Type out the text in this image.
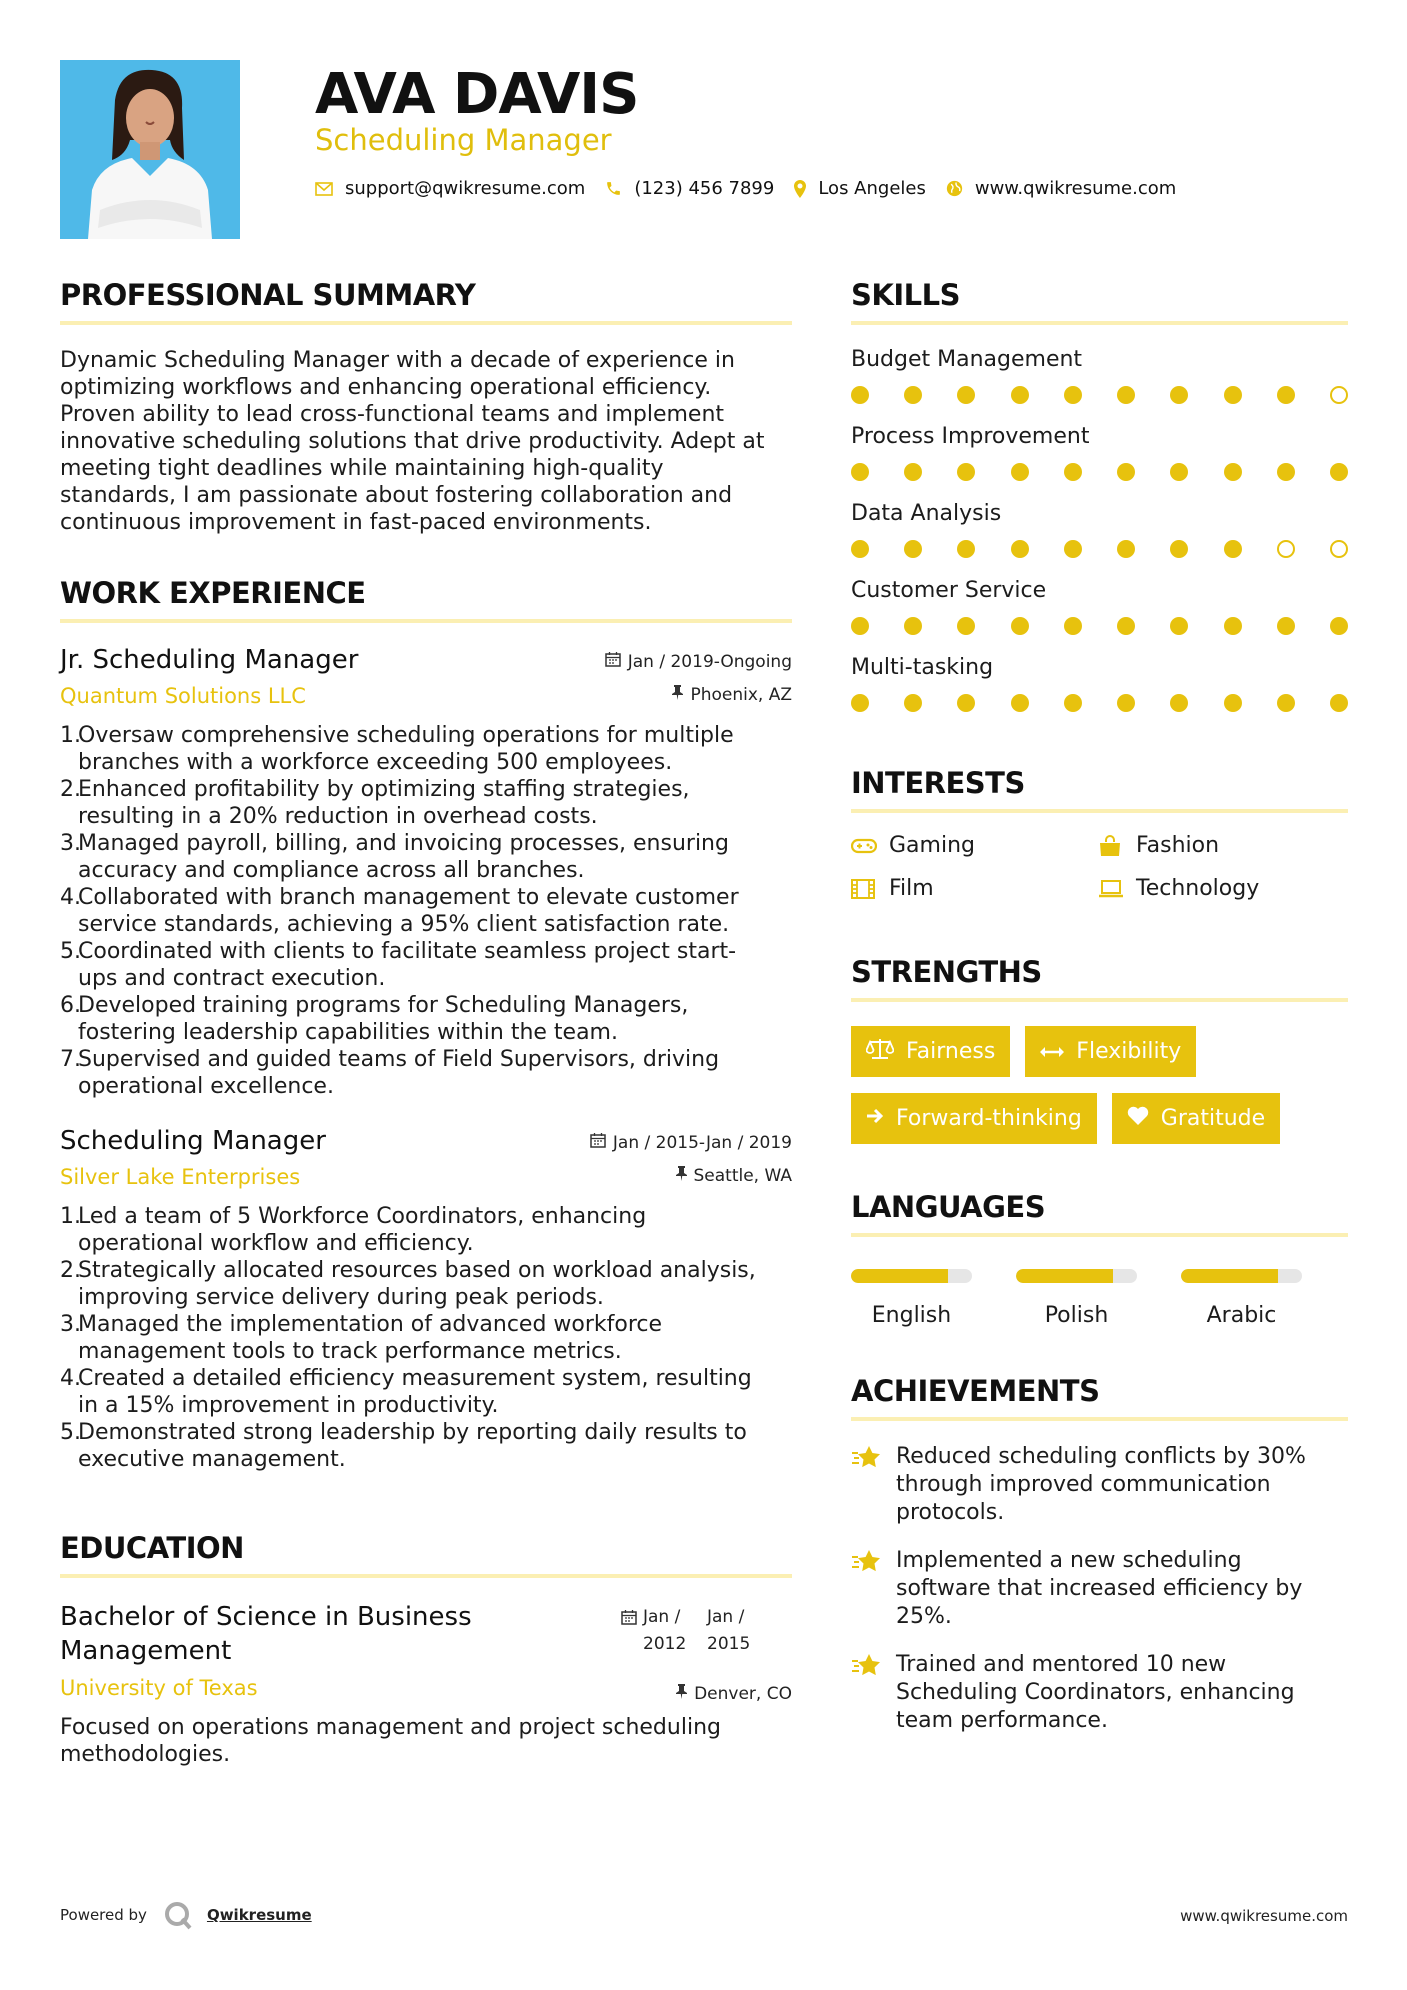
AVA DAVIS
Scheduling Manager
support@qwikresume.com	(123) 456 7899 Los Angeles	www.qwikresume.com
PROFESSIONAL SUMMARY
Dynamic Scheduling Manager with a decade of experience in
optimizing workflows and enhancing operational efficiency.
Proven ability to lead cross-functional teams and implement
innovative scheduling solutions that drive productivity. Adept at
meeting tight deadlines while maintaining high-quality
standards, I am passionate about fostering collaboration and
continuous improvement in fast-paced environments.
WORK EXPERIENCE
Jr. Scheduling Manager
Quantum Solutions LLC
Jan / 2019-Ongoing
Phoenix, AZ
1.
Oversaw comprehensive scheduling operations for multiple
branches with a workforce exceeding 500 employees.
2.
Enhanced profitability by optimizing staffing strategies,
resulting in a 20% reduction in overhead costs.
3.
Managed payroll, billing, and invoicing processes, ensuring
accuracy and compliance across all branches.
4.
Collaborated with branch management to elevate customer
service standards, achieving a 95% client satisfaction rate.
5.
Coordinated with clients to facilitate seamless project start-
ups and contract execution.
6.
Developed training programs for Scheduling Managers,
fostering leadership capabilities within the team.
7.
Supervised and guided teams of Field Supervisors, driving
operational excellence.
Scheduling Manager
Silver Lake Enterprises
Jan / 2015-Jan / 2019
Seattle, WA
1.
Led a team of 5 Workforce Coordinators, enhancing
operational workflow and efficiency.
2.
Strategically allocated resources based on workload analysis,
improving service delivery during peak periods.
3.
Managed the implementation of advanced workforce
management tools to track performance metrics.
4.
Created a detailed efficiency measurement system, resulting
in a 15% improvement in productivity.
5.
Demonstrated strong leadership by reporting daily results to
executive management.
EDUCATION
Bachelor of Science in Business
Management
University of Texas
Jan /
2012
Jan /
2015
Denver, CO
Focused on operations management and project scheduling
methodologies.
SKILLS
Budget Management
Process Improvement
Data Analysis
Customer Service
Multi-tasking
INTERESTS
Gaming	Fashion
Film	Technology
STRENGTHS
Fairness	Flexibility
Forward-thinking	Gratitude
LANGUAGES
English	Polish	Arabic
ACHIEVEMENTS
Reduced scheduling conflicts by 30%
through improved communication
protocols.
Implemented a new scheduling
software that increased efficiency by
25%.
Trained and mentored 10 new
Scheduling Coordinators, enhancing
team performance.
Powered by	Qwikresume	www.qwikresume.com
